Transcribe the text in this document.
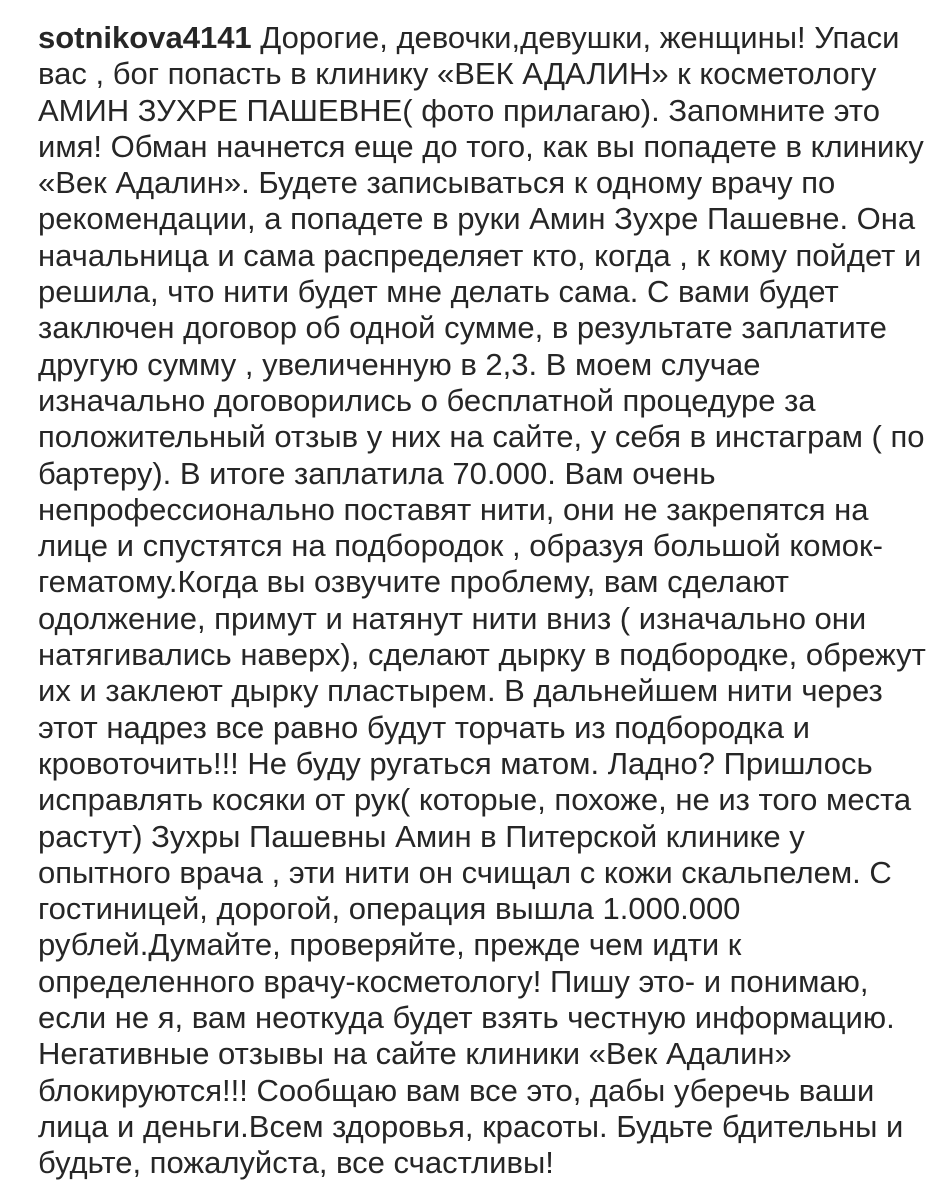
sotnikova4141 Дорогие, девочки,девушки, женщины! Упаси вас , бог попасть в клинику «ВЕК АДАЛИН» к косметологу АМИН ЗУХРЕ ПАШЕВНЕ( фото прилагаю). Запомните это имя! Обман начнется еще до того, как вы попадете в клинику «Век Адалин». Будете записываться к одному врачу по рекомендации, а попадете в руки Амин Зухре Пашевне. Она начальница и сама распределяет кто, когда , к кому пойдет и решила, что нити будет мне делать сама. С вами будет заключен договор об одной сумме, в результате заплатите другую сумму , увеличенную в 2,3. В моем случае изначально договорились о бесплатной процедуре за положительный отзыв у них на сайте, у себя в инстаграм ( по бартеру). В итоге заплатила 70.000. Вам очень непрофессионально поставят нити, они не закрепятся на лице и спустятся на подбородок , образуя большой комок-гематому.Когда вы озвучите проблему, вам сделают одолжение, примут и натянут нити вниз ( изначально они натягивались наверх), сделают дырку в подбородке, обрежут их и заклеют дырку пластырем. В дальнейшем нити через этот надрез все равно будут торчать из подбородка и кровоточить!!! Не буду ругаться матом. Ладно? Пришлось исправлять косяки от рук( которые, похоже, не из того места растут) Зухры Пашевны Амин в Питерской клинике у опытного врача , эти нити он счищал с кожи скальпелем. С гостиницей, дорогой, операция вышла 1.000.000 рублей.Думайте, проверяйте, прежде чем идти к определенного врачу-косметологу! Пишу это- и понимаю, если не я, вам неоткуда будет взять честную информацию. Негативные отзывы на сайте клиники «Век Адалин» блокируются!!! Сообщаю вам все это, дабы уберечь ваши лица и деньги.Всем здоровья, красоты. Будьте бдительны и будьте, пожалуйста, все счастливы!
